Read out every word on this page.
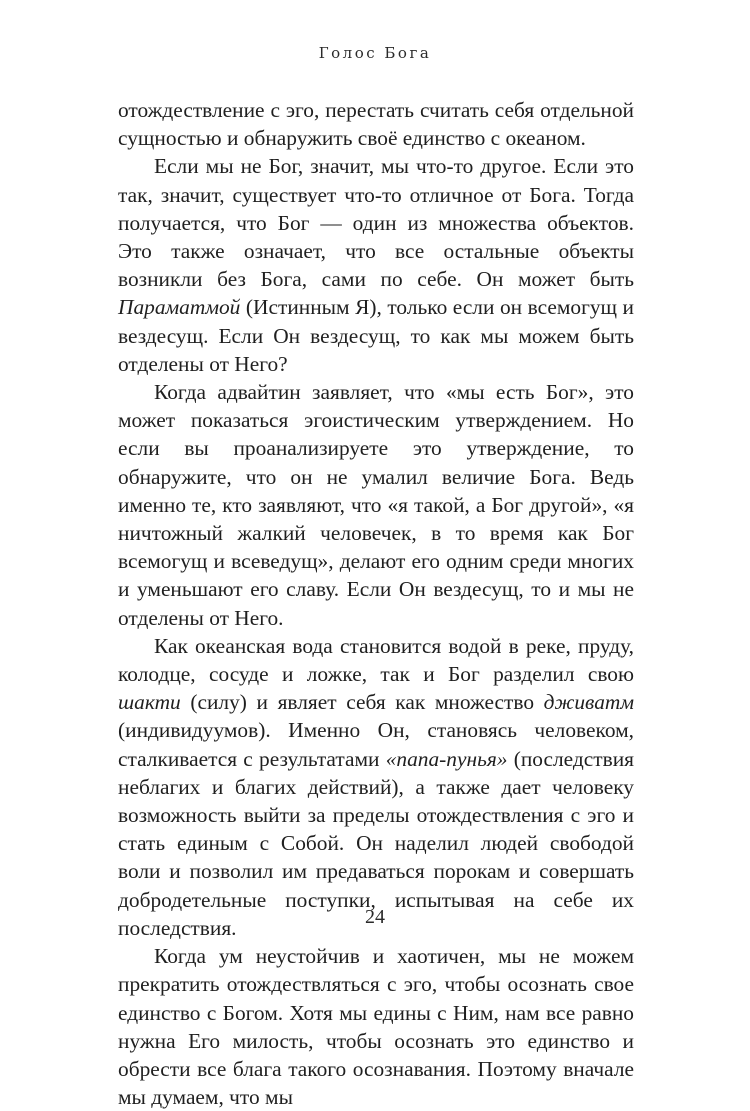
Голос Бога

отождествление с эго, перестать считать себя отдельной сущностью и обнаружить своё единство с океаном.

Если мы не Бог, значит, мы что-то другое. Если это так, значит, существует что-то отличное от Бога. Тогда получается, что Бог — один из множества объектов. Это также означает, что все остальные объекты возникли без Бога, сами по себе. Он может быть Параматмой (Истинным Я), только если он всемогущ и вездесущ. Если Он вездесущ, то как мы можем быть отделены от Него?

Когда адвайтин заявляет, что «мы есть Бог», это может показаться эгоистическим утверждением. Но если вы проанализируете это утверждение, то обнаружите, что он не умалил величие Бога. Ведь именно те, кто заявляют, что «я такой, а Бог другой», «я ничтожный жалкий человечек, в то время как Бог всемогущ и всеведущ», делают его одним среди многих и уменьшают его славу. Если Он вездесущ, то и мы не отделены от Него.

Как океанская вода становится водой в реке, пруду, колодце, сосуде и ложке, так и Бог разделил свою шакти (силу) и являет себя как множество дживатм (индивидуумов). Именно Он, становясь человеком, сталкивается с результатами «папа-пунья» (последствия неблагих и благих действий), а также дает человеку возможность выйти за пределы отождествления с эго и стать единым с Собой. Он наделил людей свободой воли и позволил им предаваться порокам и совершать добродетельные поступки, испытывая на себе их последствия.

Когда ум неустойчив и хаотичен, мы не можем прекратить отождествляться с эго, чтобы осознать свое единство с Богом. Хотя мы едины с Ним, нам все равно нужна Его милость, чтобы осознать это единство и обрести все блага такого осознавания. Поэтому вначале мы думаем, что мы

24
